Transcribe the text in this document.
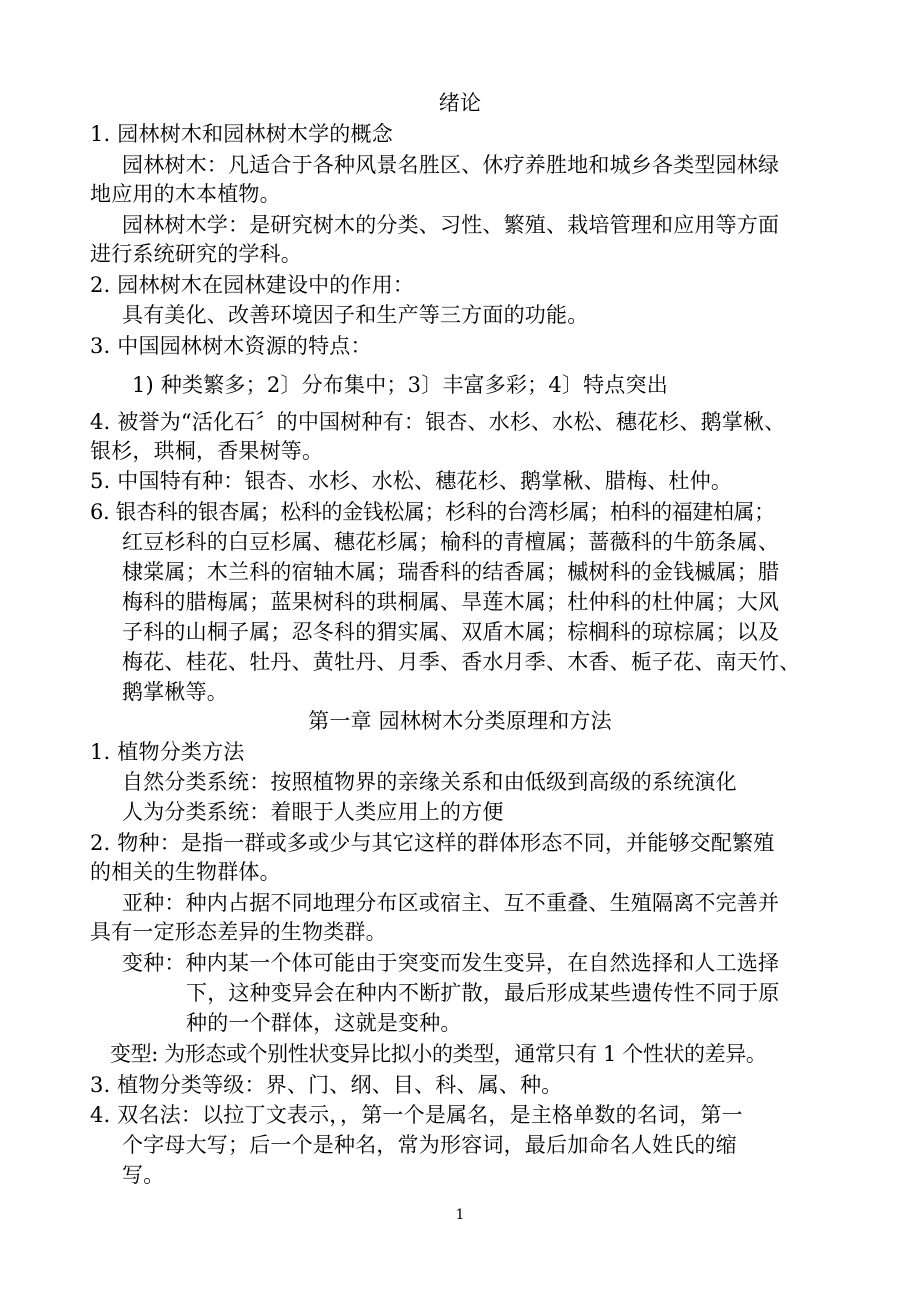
绪论
1. 园林树木和园林树木学的概念
园林树木：凡适合于各种风景名胜区、休疗养胜地和城乡各类型园林绿
地应用的木本植物。
园林树木学：是研究树木的分类、习性、繁殖、栽培管理和应用等方面
进行系统研究的学科。
2. 园林树木在园林建设中的作用：
具有美化、改善环境因子和生产等三方面的功能。
3. 中国园林树木资源的特点：
1) 种类繁多；2〕分布集中；3〕丰富多彩；4〕特点突出
4. 被誉为“活化石〞的中国树种有：银杏、水杉、水松、穗花杉、鹅掌楸、
银杉，珙桐，香果树等。
5. 中国特有种：银杏、水杉、水松、穗花杉、鹅掌楸、腊梅、杜仲。
6. 银杏科的银杏属；松科的金钱松属；杉科的台湾杉属；柏科的福建柏属；
红豆杉科的白豆杉属、穗花杉属；榆科的青檀属；蔷薇科的牛筋条属、
棣棠属；木兰科的宿轴木属；瑞香科的结香属；槭树科的金钱槭属；腊
梅科的腊梅属；蓝果树科的珙桐属、旱莲木属；杜仲科的杜仲属；大风
子科的山桐子属；忍冬科的猬实属、双盾木属；棕榈科的琼棕属；以及
梅花、桂花、牡丹、黄牡丹、月季、香水月季、木香、栀子花、南天竹、
鹅掌楸等。
第一章 园林树木分类原理和方法
1. 植物分类方法
自然分类系统：按照植物界的亲缘关系和由低级到高级的系统演化
人为分类系统：着眼于人类应用上的方便
2. 物种：是指一群或多或少与其它这样的群体形态不同，并能够交配繁殖
的相关的生物群体。
亚种：种内占据不同地理分布区或宿主、互不重叠、生殖隔离不完善并
具有一定形态差异的生物类群。
变种：种内某一个体可能由于突变而发生变异，在自然选择和人工选择
下，这种变异会在种内不断扩散，最后形成某些遗传性不同于原
种的一个群体，这就是变种。
变型: 为形态或个别性状变异比拟小的类型，通常只有 1 个性状的差异。
3. 植物分类等级：界、门、纲、目、科、属、种。
4. 双名法：以拉丁文表示，，第一个是属名，是主格单数的名词，第一
个字母大写；后一个是种名，常为形容词，最后加命名人姓氏的缩
写。
1
